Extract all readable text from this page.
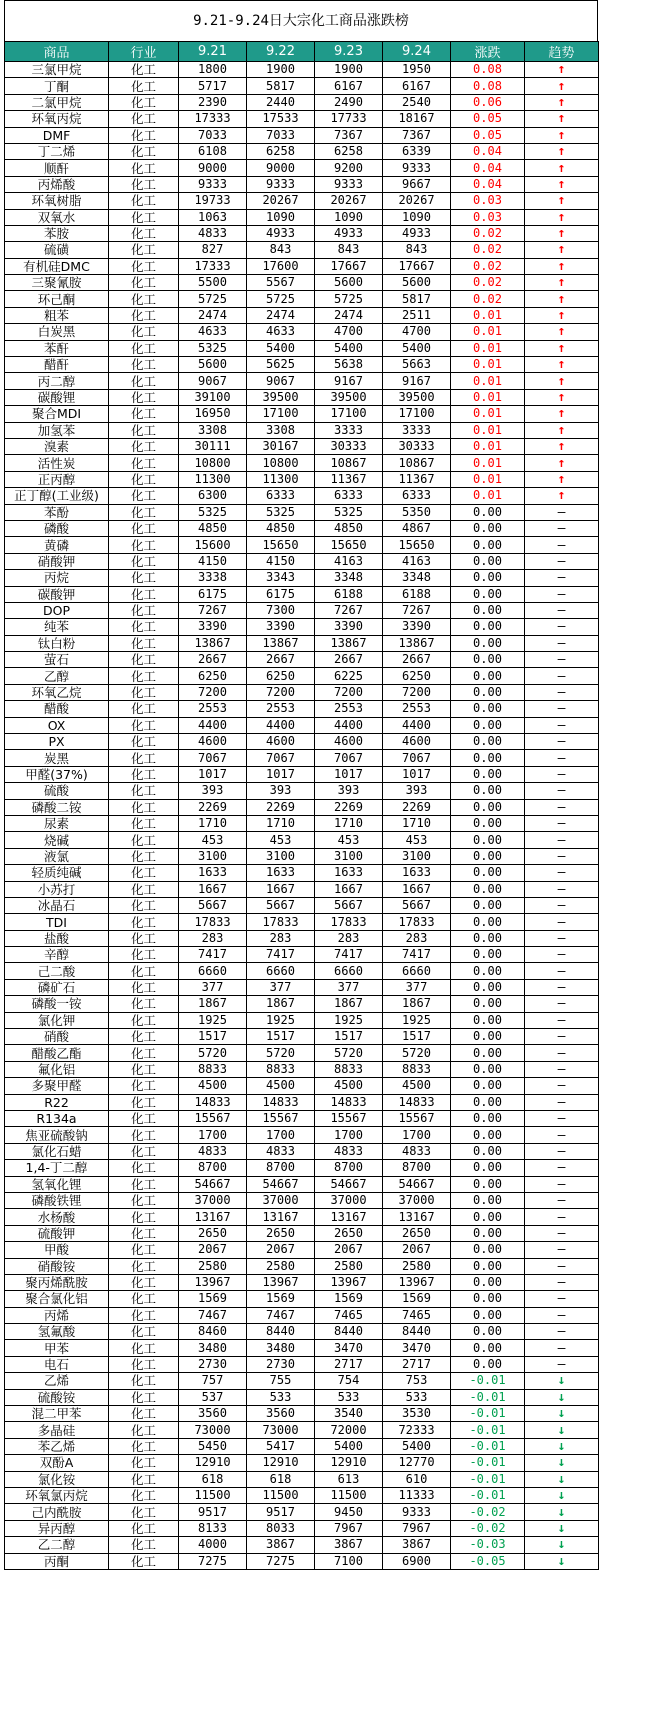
9.21-9.24日大宗化工商品涨跌榜
商品	行业	9.21	9.22	9.23	9.24	涨跌	趋势
三氯甲烷	化工	1800	1900	1900	1950	0.08	↑
丁酮	化工	5717	5817	6167	6167	0.08	↑
二氯甲烷	化工	2390	2440	2490	2540	0.06	↑
环氧丙烷	化工	17333	17533	17733	18167	0.05	↑
DMF	化工	7033	7033	7367	7367	0.05	↑
丁二烯	化工	6108	6258	6258	6339	0.04	↑
顺酐	化工	9000	9000	9200	9333	0.04	↑
丙烯酸	化工	9333	9333	9333	9667	0.04	↑
环氧树脂	化工	19733	20267	20267	20267	0.03	↑
双氧水	化工	1063	1090	1090	1090	0.03	↑
苯胺	化工	4833	4933	4933	4933	0.02	↑
硫磺	化工	827	843	843	843	0.02	↑
有机硅DMC	化工	17333	17600	17667	17667	0.02	↑
三聚氰胺	化工	5500	5567	5600	5600	0.02	↑
环己酮	化工	5725	5725	5725	5817	0.02	↑
粗苯	化工	2474	2474	2474	2511	0.01	↑
白炭黑	化工	4633	4633	4700	4700	0.01	↑
苯酐	化工	5325	5400	5400	5400	0.01	↑
醋酐	化工	5600	5625	5638	5663	0.01	↑
丙二醇	化工	9067	9067	9167	9167	0.01	↑
碳酸锂	化工	39100	39500	39500	39500	0.01	↑
聚合MDI	化工	16950	17100	17100	17100	0.01	↑
加氢苯	化工	3308	3308	3333	3333	0.01	↑
溴素	化工	30111	30167	30333	30333	0.01	↑
活性炭	化工	10800	10800	10867	10867	0.01	↑
正丙醇	化工	11300	11300	11367	11367	0.01	↑
正丁醇(工业级)	化工	6300	6333	6333	6333	0.01	↑
苯酚	化工	5325	5325	5325	5350	0.00	–
磷酸	化工	4850	4850	4850	4867	0.00	–
黄磷	化工	15600	15650	15650	15650	0.00	–
硝酸钾	化工	4150	4150	4163	4163	0.00	–
丙烷	化工	3338	3343	3348	3348	0.00	–
碳酸钾	化工	6175	6175	6188	6188	0.00	–
DOP	化工	7267	7300	7267	7267	0.00	–
纯苯	化工	3390	3390	3390	3390	0.00	–
钛白粉	化工	13867	13867	13867	13867	0.00	–
萤石	化工	2667	2667	2667	2667	0.00	–
乙醇	化工	6250	6250	6225	6250	0.00	–
环氧乙烷	化工	7200	7200	7200	7200	0.00	–
醋酸	化工	2553	2553	2553	2553	0.00	–
OX	化工	4400	4400	4400	4400	0.00	–
PX	化工	4600	4600	4600	4600	0.00	–
炭黑	化工	7067	7067	7067	7067	0.00	–
甲醛(37%)	化工	1017	1017	1017	1017	0.00	–
硫酸	化工	393	393	393	393	0.00	–
磷酸二铵	化工	2269	2269	2269	2269	0.00	–
尿素	化工	1710	1710	1710	1710	0.00	–
烧碱	化工	453	453	453	453	0.00	–
液氯	化工	3100	3100	3100	3100	0.00	–
轻质纯碱	化工	1633	1633	1633	1633	0.00	–
小苏打	化工	1667	1667	1667	1667	0.00	–
冰晶石	化工	5667	5667	5667	5667	0.00	–
TDI	化工	17833	17833	17833	17833	0.00	–
盐酸	化工	283	283	283	283	0.00	–
辛醇	化工	7417	7417	7417	7417	0.00	–
己二酸	化工	6660	6660	6660	6660	0.00	–
磷矿石	化工	377	377	377	377	0.00	–
磷酸一铵	化工	1867	1867	1867	1867	0.00	–
氯化钾	化工	1925	1925	1925	1925	0.00	–
硝酸	化工	1517	1517	1517	1517	0.00	–
醋酸乙酯	化工	5720	5720	5720	5720	0.00	–
氟化铝	化工	8833	8833	8833	8833	0.00	–
多聚甲醛	化工	4500	4500	4500	4500	0.00	–
R22	化工	14833	14833	14833	14833	0.00	–
R134a	化工	15567	15567	15567	15567	0.00	–
焦亚硫酸钠	化工	1700	1700	1700	1700	0.00	–
氯化石蜡	化工	4833	4833	4833	4833	0.00	–
1,4-丁二醇	化工	8700	8700	8700	8700	0.00	–
氢氧化锂	化工	54667	54667	54667	54667	0.00	–
磷酸铁锂	化工	37000	37000	37000	37000	0.00	–
水杨酸	化工	13167	13167	13167	13167	0.00	–
硫酸钾	化工	2650	2650	2650	2650	0.00	–
甲酸	化工	2067	2067	2067	2067	0.00	–
硝酸铵	化工	2580	2580	2580	2580	0.00	–
聚丙烯酰胺	化工	13967	13967	13967	13967	0.00	–
聚合氯化铝	化工	1569	1569	1569	1569	0.00	–
丙烯	化工	7467	7467	7465	7465	0.00	–
氢氟酸	化工	8460	8440	8440	8440	0.00	–
甲苯	化工	3480	3480	3470	3470	0.00	–
电石	化工	2730	2730	2717	2717	0.00	–
乙烯	化工	757	755	754	753	-0.01	↓
硫酸铵	化工	537	533	533	533	-0.01	↓
混二甲苯	化工	3560	3560	3540	3530	-0.01	↓
多晶硅	化工	73000	73000	72000	72333	-0.01	↓
苯乙烯	化工	5450	5417	5400	5400	-0.01	↓
双酚A	化工	12910	12910	12910	12770	-0.01	↓
氯化铵	化工	618	618	613	610	-0.01	↓
环氧氯丙烷	化工	11500	11500	11500	11333	-0.01	↓
己内酰胺	化工	9517	9517	9450	9333	-0.02	↓
异丙醇	化工	8133	8033	7967	7967	-0.02	↓
乙二醇	化工	4000	3867	3867	3867	-0.03	↓
丙酮	化工	7275	7275	7100	6900	-0.05	↓
